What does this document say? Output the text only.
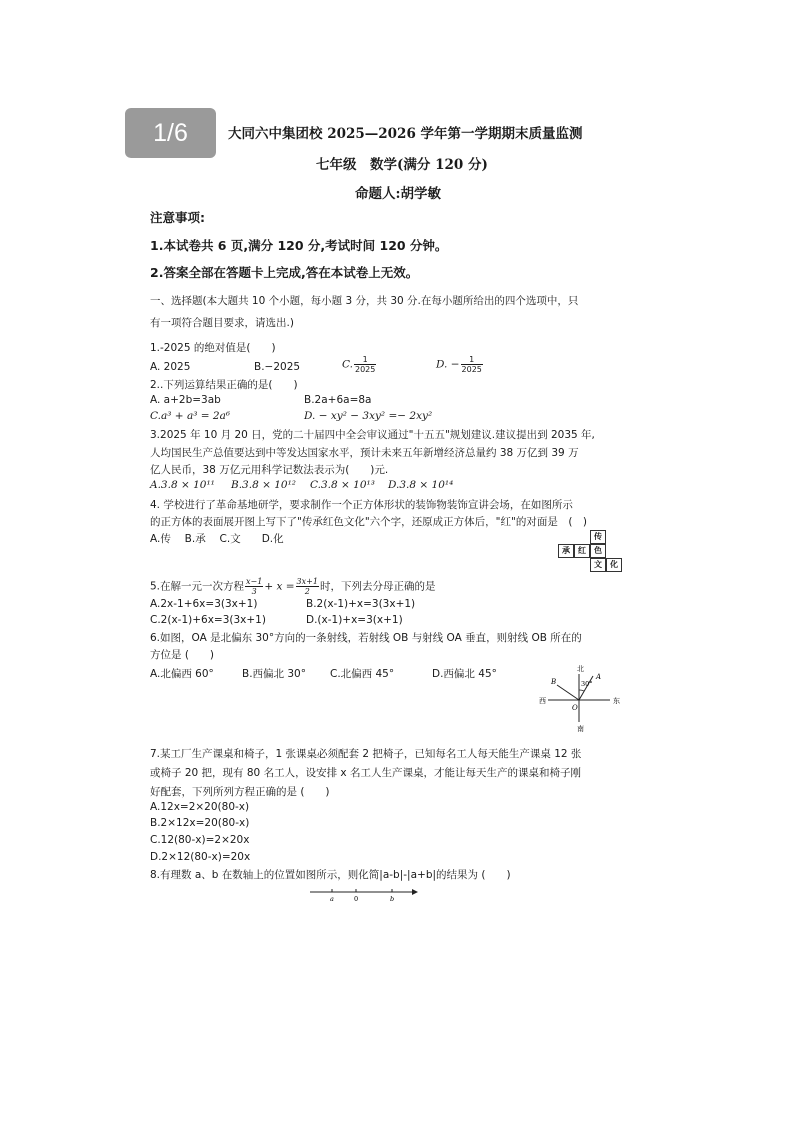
1/6	大同六中集团校 2025—2026 学年第一学期期末质量监测
七年级　数学(满分 120 分)
命题人:胡学敏
注意事项:
1.本试卷共 6 页,满分 120 分,考试时间 120 分钟。
2.答案全部在答题卡上完成,答在本试卷上无效。
一、选择题(本大题共 10 个小题，每小题 3 分，共 30 分.在每小题所给出的四个选项中，只
有一项符合题目要求，请选出.)
1.-2025 的绝对值是(　　)
A. 2025	B.−2025	C. $\frac{1}{2025}$	D. − $\frac{1}{2025}$
2..下列运算结果正确的是(　　)
A. a+2b=3ab	B.2a+6a=8a
C.a³ + a³ = 2a⁶	D. − xy² − 3xy² =− 2xy²
3.2025 年 10 月 20 日，党的二十届四中全会审议通过"十五五"规划建议.建议提出到 2035 年,
人均国民生产总值要达到中等发达国家水平，预计未来五年新增经济总量约 38 万亿到 39 万
亿人民币，38 万亿元用科学记数法表示为(　　)元.
A.3.8 × 10¹¹ B.3.8 × 10¹² C.3.8 × 10¹³ D.3.8 × 10¹⁴
4. 学校进行了革命基地研学，要求制作一个正方体形状的装饰物装饰宣讲会场，在如图所示
的正方体的表面展开图上写下了"传承红色文化"六个字，还原成正方体后，"红"的对面是　(　)
A.传　 B.承　 C.文　　D.化	传
承	红	色
文	化
5.在解一元一次方程 $\frac{x-1}{3} + x = \frac{3x+1}{2}$ 时，下列去分母正确的是
A.2x-1+6x=3(3x+1)	B.2(x-1)+x=3(3x+1)
C.2(x-1)+6x=3(3x+1)	D.(x-1)+x=3(x+1)
6.如图，OA 是北偏东 30°方向的一条射线，若射线 OB 与射线 OA 垂直，则射线 OB 所在的
方位是 (　　)
A.北偏西 60°	B.西偏北 30° C.北偏西 45°	D.西偏北 45°	北
南
西	东
30°
A
B
O
7.某工厂生产课桌和椅子，1 张课桌必须配套 2 把椅子，已知每名工人每天能生产课桌 12 张
或椅子 20 把，现有 80 名工人，设安排 x 名工人生产课桌，才能让每天生产的课桌和椅子刚
好配套，下列所列方程正确的是 (　　)
A.12x=2×20(80-x)
B.2×12x=20(80-x)
C.12(80-x)=2×20x
D.2×12(80-x)=20x
8.有理数 a、b 在数轴上的位置如图所示，则化简|a-b|-|a+b|的结果为 (　　)
a	0	b
